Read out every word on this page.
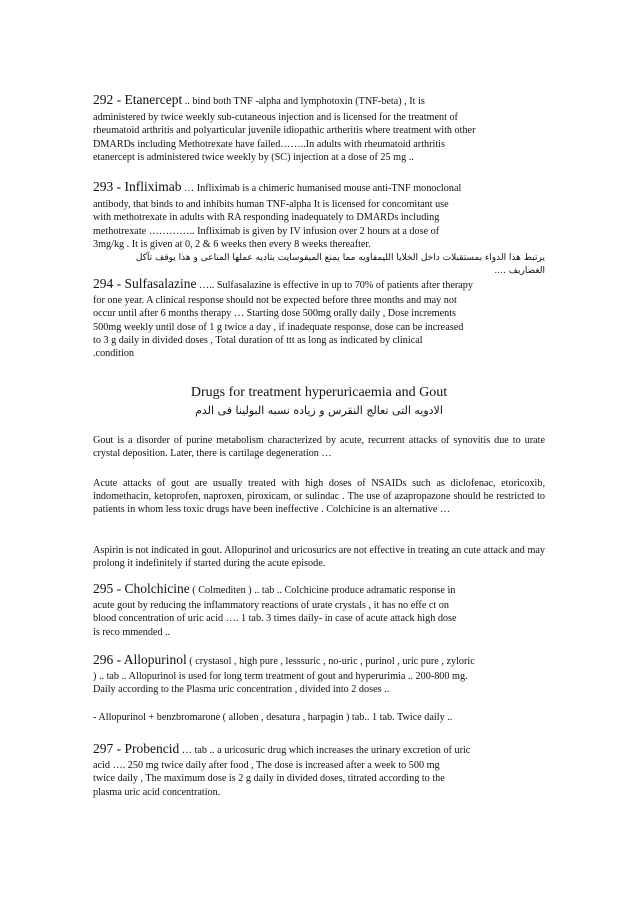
292 - Etanercept .. bind both TNF -alpha and lymphotoxin (TNF-beta) , It is

administered by twice weekly sub-cutaneous injection and is licensed for the treatment of

rheumatoid arthritis and polyarticular juvenile idiopathic artheritis where treatment with other

DMARDs including Methotrexate have failed……..In adults with rheumatoid arthritis

etanercept is administered twice weekly by (SC) injection at a dose of 25 mg ..

293 - Infliximab … Infliximab is a chimeric humanised mouse anti-TNF monoclonal

antibody, that binds to and inhibits human TNF-alpha It is licensed for concomitant use

with methotrexate in adults with RA responding inadequately to DMARDs including

methotrexate ………….. Infliximab is given by IV infusion over 2 hours at a dose of

3mg/kg . It is given at 0, 2 & 6 weeks then every 8 weeks thereafter.

يرتبط هذا الدواء بمستقبلات داخل الخلايا الليمفاويه مما يمنع الميفوسايت بتاديه عملها المناعى و هذا يوقف تآكل

الغضاريف ....

294 - Sulfasalazine ….. Sulfasalazine is effective in up to 70% of patients after therapy

for one year. A clinical response should not be expected before three months and may not

occur until after 6 months therapy … Starting dose 500mg orally daily , Dose increments

500mg weekly until dose of 1 g twice a day , if inadequate response, dose can be increased

to 3 g daily in divided doses , Total duration of ttt as long as indicated by clinical

.condition

Drugs for treatment hyperuricaemia and Gout

الادويه التى تعالج النقرس و زياده نسبه البولينا فى الدم

Gout is a disorder of purine metabolism characterized by acute, recurrent attacks of synovitis due to urate crystal deposition. Later, there is cartilage degeneration …

Acute attacks of gout are usually treated with high doses of NSAIDs such as diclofenac, etoricoxib, indomethacin, ketoprofen, naproxen, piroxicam, or sulindac . The use of azapropazone should be restricted to patients in whom less toxic drugs have been ineffective . Colchicine is an alternative …

Aspirin is not indicated in gout. Allopurinol and uricosurics are not effective in treating an cute attack and may prolong it indefinitely if started during the acute episode.

295 - Cholchicine ( Colmediten ) .. tab .. Colchicine produce adramatic response in

acute gout by reducing the inflammatory reactions of urate crystals , it has no effe ct on

blood concentration of uric acid …. 1 tab. 3 times daily- in case of acute attack high dose

is reco mmended ..

296 - Allopurinol ( crystasol , high pure , lesssuric , no-uric , purinol , uric pure , zyloric

) .. tab .. Allopurinol is used for long term treatment of gout and hyperurimia .. 200-800 mg.

Daily according to the Plasma uric concentration , divided into 2 doses ..

- Allopurinol + benzbromarone ( alloben , desatura , harpagin ) tab.. 1 tab. Twice daily ..

297 - Probencid … tab .. a uricosuric drug which increases the urinary excretion of uric

acid …. 250 mg twice daily after food , The dose is increased after a week to 500 mg

twice daily , The maximum dose is 2 g daily in divided doses, titrated according to the

plasma uric acid concentration.
